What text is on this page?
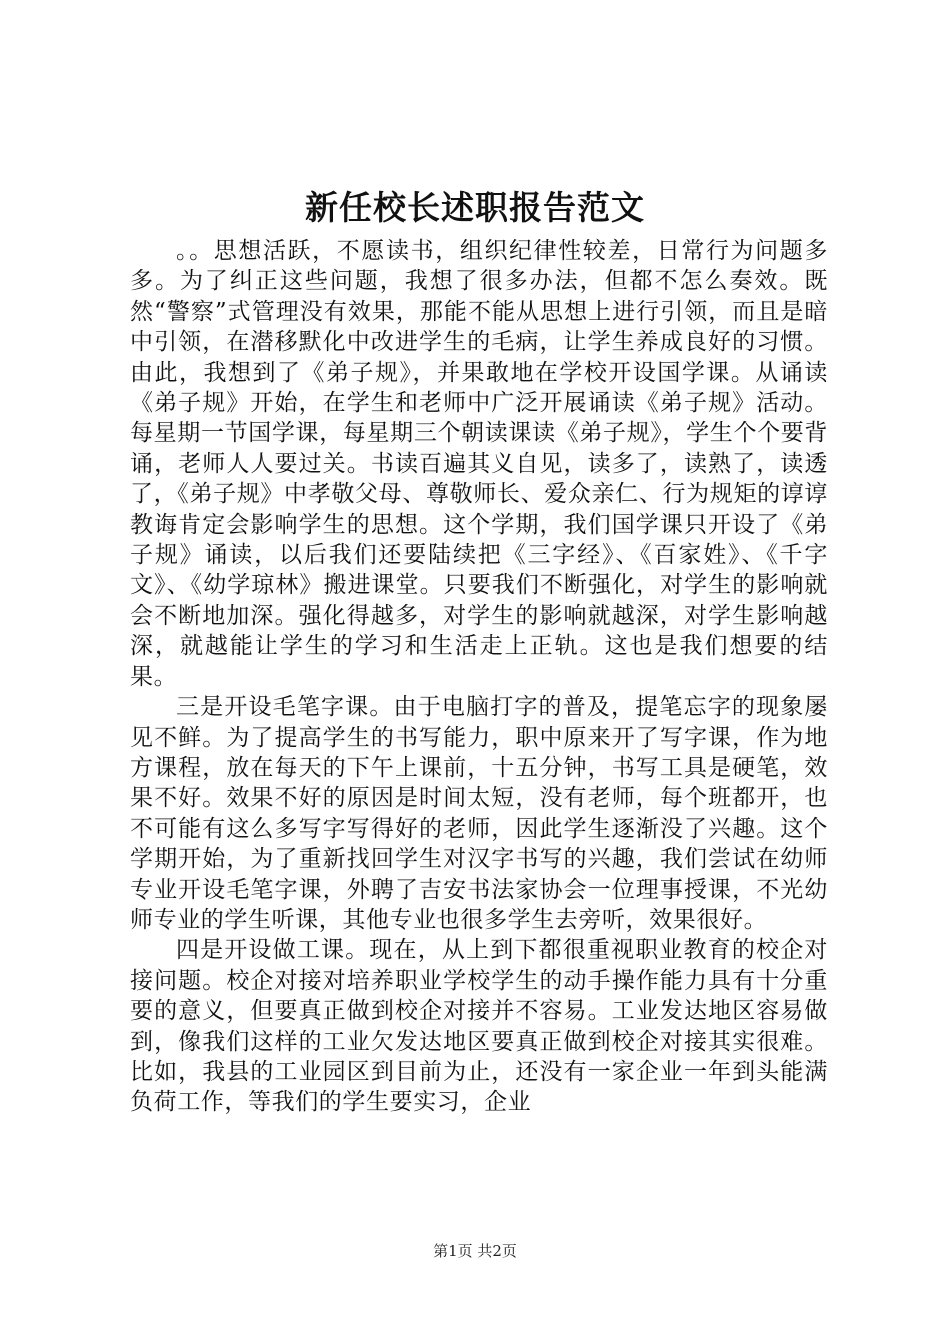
新任校长述职报告范文

。。思想活跃，不愿读书，组织纪律性较差，日常行为问题多多。为了纠正这些问题，我想了很多办法，但都不怎么奏效。既然“警察”式管理没有效果，那能不能从思想上进行引领，而且是暗中引领，在潜移默化中改进学生的毛病，让学生养成良好的习惯。由此，我想到了《弟子规》，并果敢地在学校开设国学课。从诵读《弟子规》开始，在学生和老师中广泛开展诵读《弟子规》活动。每星期一节国学课，每星期三个朝读课读《弟子规》，学生个个要背诵，老师人人要过关。书读百遍其义自见，读多了，读熟了，读透了，《弟子规》中孝敬父母、尊敬师长、爱众亲仁、行为规矩的谆谆教诲肯定会影响学生的思想。这个学期，我们国学课只开设了《弟子规》诵读，以后我们还要陆续把《三字经》、《百家姓》、《千字文》、《幼学琼林》搬进课堂。只要我们不断强化，对学生的影响就会不断地加深。强化得越多，对学生的影响就越深，对学生影响越深，就越能让学生的学习和生活走上正轨。这也是我们想要的结果。

三是开设毛笔字课。由于电脑打字的普及，提笔忘字的现象屡见不鲜。为了提高学生的书写能力，职中原来开了写字课，作为地方课程，放在每天的下午上课前，十五分钟，书写工具是硬笔，效果不好。效果不好的原因是时间太短，没有老师，每个班都开，也不可能有这么多写字写得好的老师，因此学生逐渐没了兴趣。这个学期开始，为了重新找回学生对汉字书写的兴趣，我们尝试在幼师专业开设毛笔字课，外聘了吉安书法家协会一位理事授课，不光幼师专业的学生听课，其他专业也很多学生去旁听，效果很好。

四是开设做工课。现在，从上到下都很重视职业教育的校企对接问题。校企对接对培养职业学校学生的动手操作能力具有十分重要的意义，但要真正做到校企对接并不容易。工业发达地区容易做到，像我们这样的工业欠发达地区要真正做到校企对接其实很难。比如，我县的工业园区到目前为止，还没有一家企业一年到头能满负荷工作，等我们的学生要实习，企业

第1页 共2页
